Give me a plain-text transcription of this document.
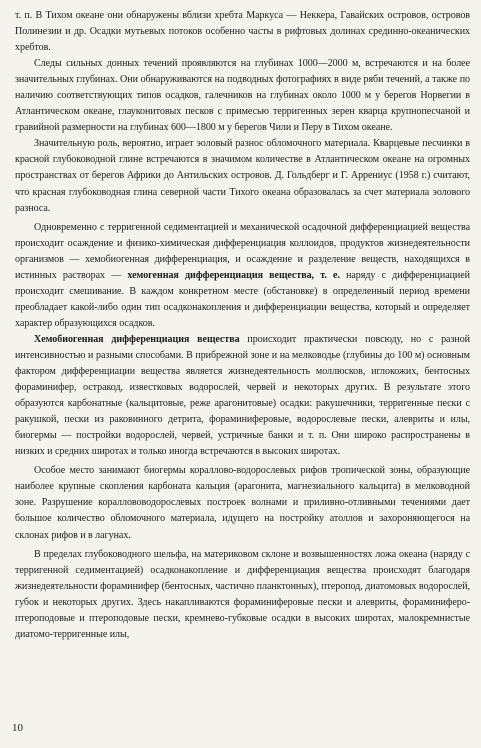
т. п. В Тихом океане они обнаружены вблизи хребта Маркуса — Неккера, Гавайских островов, островов Полинезии и др. Осадки мутьевых потоков особенно часты в рифтовых долинах срединно-океанических хребтов.

Следы сильных донных течений проявляются на глубинах 1000—2000 м, встречаются и на более значительных глубинах. Они обнаруживаются на подводных фотографиях в виде ряби течений, а также по наличию соответствующих типов осадков, галечников на глубинах около 1000 м у берегов Норвегии в Атлантическом океане, глауконитовых песков с примесью терригенных зерен кварца крупнопесчаной и гравийной размерности на глубинах 600—1800 м у берегов Чили и Перу в Тихом океане.

Значительную роль, вероятно, играет эоловый разнос обломочного материала. Кварцевые песчинки в красной глубоководной глине встречаются в значимом количестве в Атлантическом океане на огромных пространствах от берегов Африки до Антильских островов. Д. Гольдберг и Г. Аррениус (1958 г.) считают, что красная глубоководная глина северной части Тихого океана образовалась за счет материала эолового разноса.

Одновременно с терригенной седиментацией и механической осадочной дифференциацией вещества происходит осаждение и физико-химическая дифференциация коллоидов, продуктов жизнедеятельности организмов — хемобиогенная дифференциация, и осаждение и разделение веществ, находящихся в истинных растворах — хемогенная дифференциация вещества, т. е. наряду с дифференциацией происходит смешивание. В каждом конкретном месте (обстановке) в определенный период времени преобладает какой-либо один тип осадконакопления и дифференциации вещества, который и определяет характер образующихся осадков.

Хемобиогенная дифференциация вещества происходит практически повсюду, но с разной интенсивностью и разными способами. В прибрежной зоне и на мелководье (глубины до 100 м) основным фактором дифференциации вещества является жизнедеятельность моллюсков, иглокожих, бентосных фораминифер, остракод, известковых водорослей, червей и некоторых других. В результате этого образуются карбонатные (кальцитовые, реже арагонитовые) осадки: ракушечники, терригенные пески с ракушкой, пески из раковинного детрита, фораминиферовые, водорослевые пески, алевриты и илы, биогермы — постройки водорослей, червей, устричные банки и т. п. Они широко распространены в низких и средних широтах и только иногда встречаются в высоких широтах.

Особое место занимают биогермы кораллово-водорослевых рифов тропической зоны, образующие наиболее крупные скопления карбоната кальция (арагонита, магнезиального кальцита) в мелководной зоне. Разрушение кораллововодорослевых построек волнами и приливно-отливными течениями дает большое количество обломочного материала, идущего на постройку атоллов и захороняющегося на склонах рифов и в лагунах.

В пределах глубоководного шельфа, на материковом склоне и возвышенностях ложа океана (наряду с терригенной седиментацией) осадконакопление и дифференциация вещества происходят благодаря жизнедеятельности фораминифер (бентосных, частично планктонных), птеропод, диатомовых водорослей, губок и некоторых других. Здесь накапливаются фораминиферовые пески и алевриты, фораминиферо-птероподовые и птероподовые пески, кремнево-губковые осадки в высоких широтах, малокремнистые диатомо-терригенные илы,

10
